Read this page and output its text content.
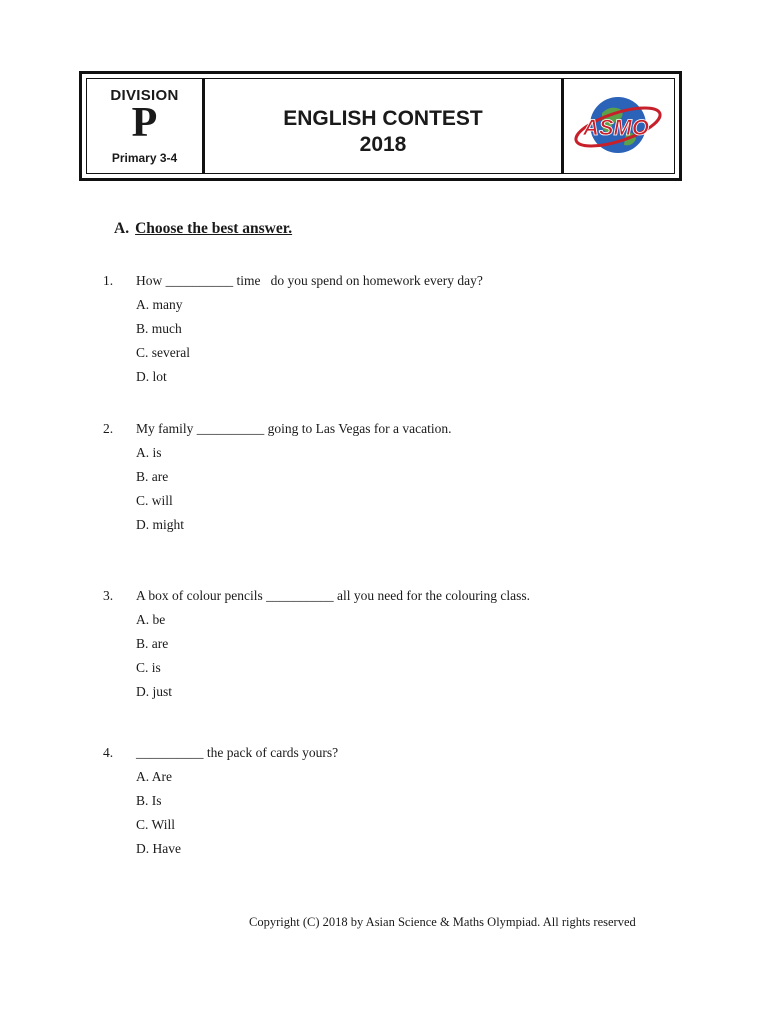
DIVISION
P
Primary 3-4
ENGLISH CONTEST
2018
ASMO
A. Choose the best answer.
1. How __________ time   do you spend on homework every day?
A. many
B. much
C. several
D. lot
2. My family __________ going to Las Vegas for a vacation.
A. is
B. are
C. will
D. might
3. A box of colour pencils __________ all you need for the colouring class.
A. be
B. are
C. is
D. just
4. __________ the pack of cards yours?
A. Are
B. Is
C. Will
D. Have
Copyright (C) 2018 by Asian Science & Maths Olympiad. All rights reserved
